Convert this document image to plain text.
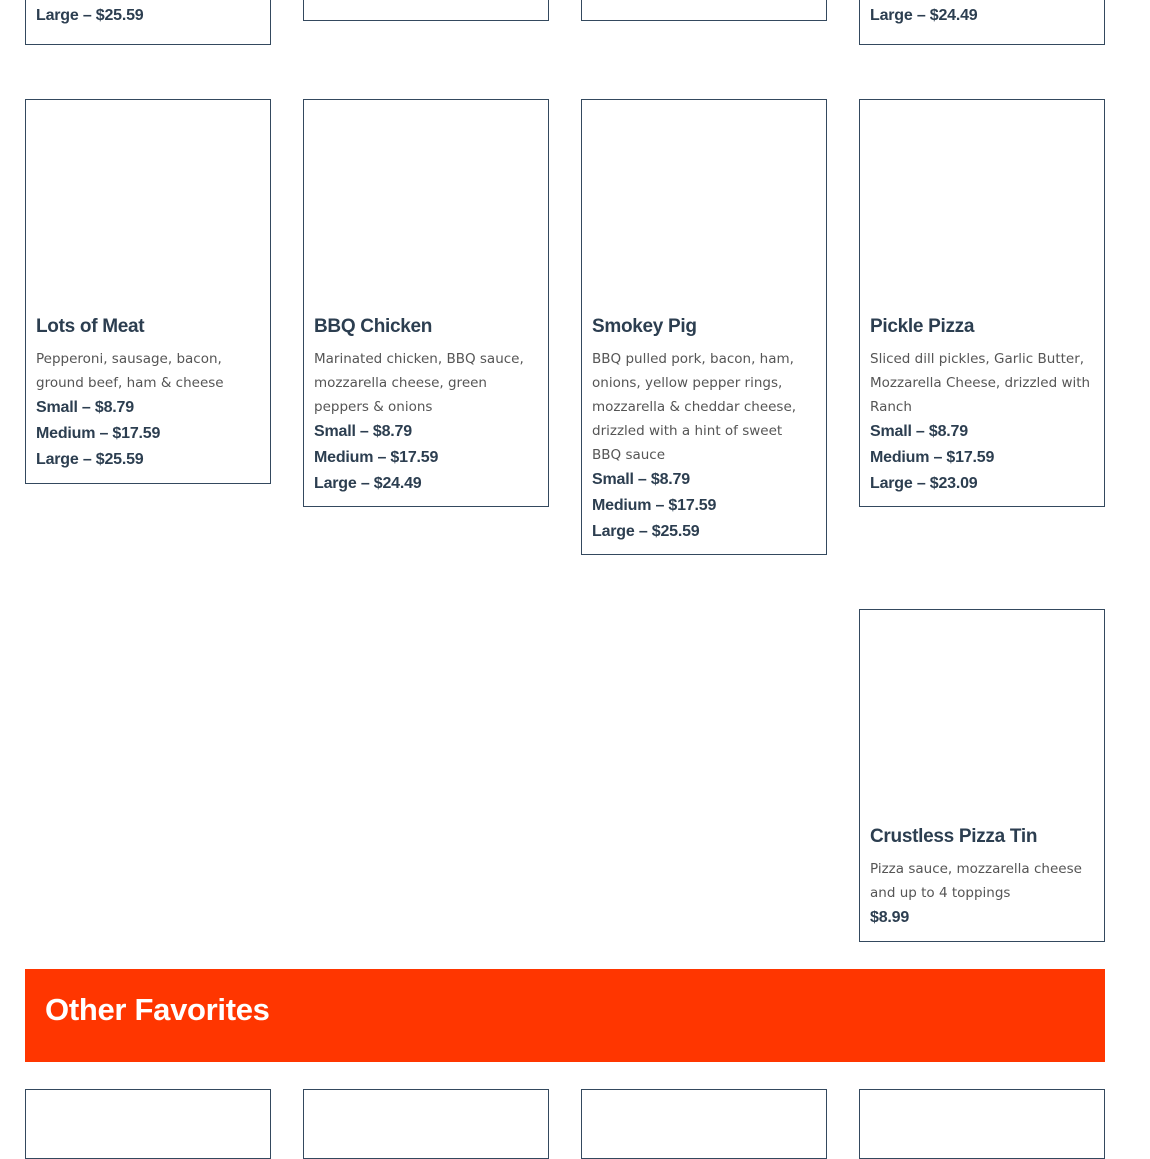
Large – $25.59	Large – $24.49
Lots of Meat
Pepperoni, sausage, bacon, ground beef, ham & cheese
Small – $8.79
Medium – $17.59
Large – $25.59
BBQ Chicken
Marinated chicken, BBQ sauce, mozzarella cheese, green peppers & onions
Small – $8.79
Medium – $17.59
Large – $24.49
Smokey Pig
BBQ pulled pork, bacon, ham, onions, yellow pepper rings, mozzarella & cheddar cheese, drizzled with a hint of sweet BBQ sauce
Small – $8.79
Medium – $17.59
Large – $25.59
Pickle Pizza
Sliced dill pickles, Garlic Butter, Mozzarella Cheese, drizzled with Ranch
Small – $8.79
Medium – $17.59
Large – $23.09
Crustless Pizza Tin
Pizza sauce, mozzarella cheese and up to 4 toppings
$8.99
Other Favorites
